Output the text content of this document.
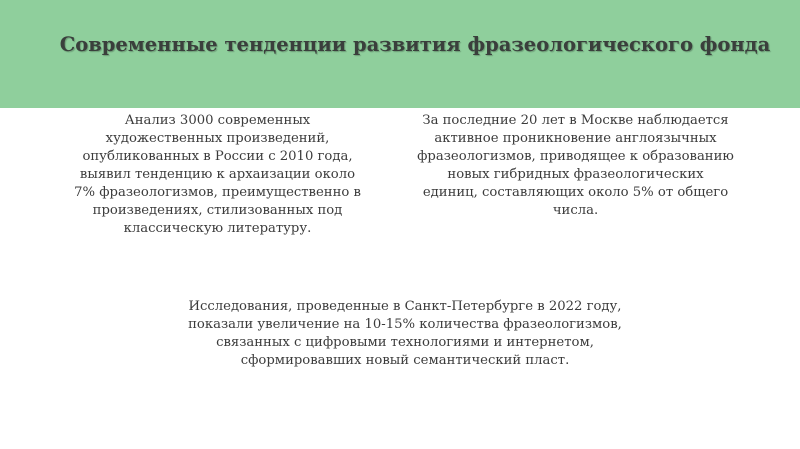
Современные тенденции развития фразеологического фонда

Анализ 3000 современных
художественных произведений,
опубликованных в России с 2010 года,
выявил тенденцию к архаизации около
7% фразеологизмов, преимущественно в
произведениях, стилизованных под
классическую литературу.

За последние 20 лет в Москве наблюдается
активное проникновение англоязычных
фразеологизмов, приводящее к образованию
новых гибридных фразеологических
единиц, составляющих около 5% от общего
числа.

Исследования, проведенные в Санкт-Петербурге в 2022 году,
показали увеличение на 10-15% количества фразеологизмов,
связанных с цифровыми технологиями и интернетом,
сформировавших новый семантический пласт.
